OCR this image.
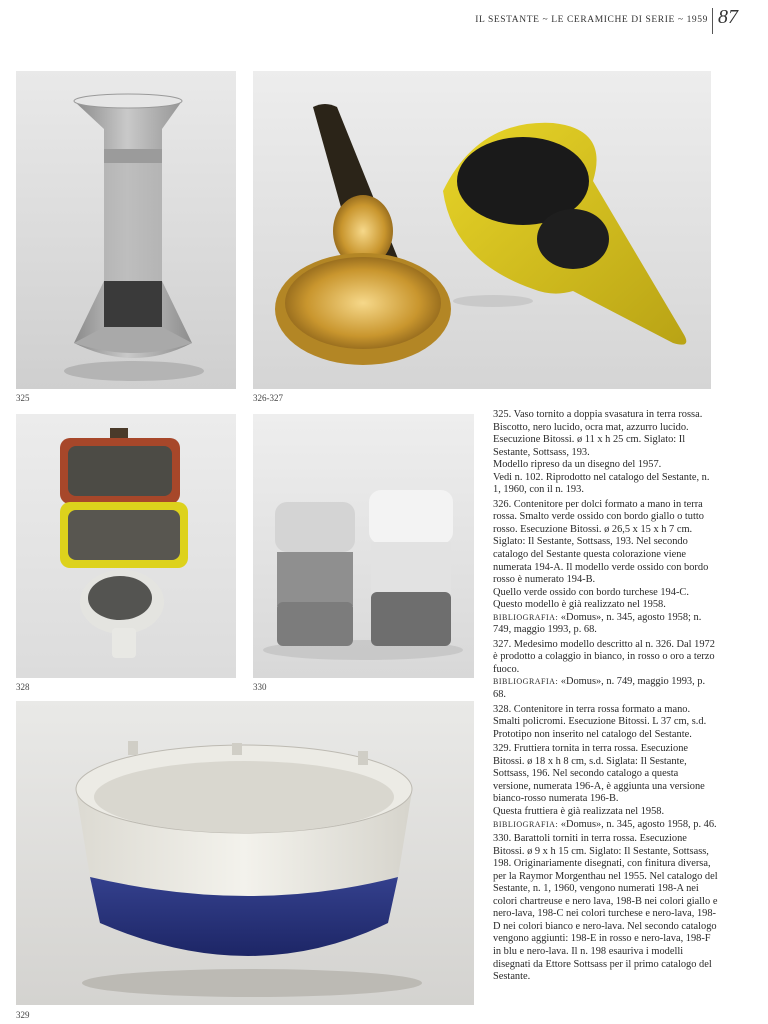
IL SESTANTE ~ LE CERAMICHE DI SERIE ~ 1959 87
325	326-327
328	330
329

325. Vaso tornito a doppia svasatura in terra rossa. Biscotto, nero lucido, ocra mat, azzurro lucido. Esecuzione Bitossi. ø 11 x h 25 cm. Siglato: Il Sestante, Sottsass, 193.

Modello ripreso da un disegno del 1957.

Vedi n. 102. Riprodotto nel catalogo del Sestante, n. 1, 1960, con il n. 193.

326. Contenitore per dolci formato a mano in terra rossa. Smalto verde ossido con bordo giallo o tutto rosso. Esecuzione Bitossi. ø 26,5 x 15 x h 7 cm. Siglato: Il Sestante, Sottsass, 193. Nel secondo catalogo del Sestante questa colorazione viene numerata 194-A. Il modello verde ossido con bordo rosso è numerato 194-B.

Quello verde ossido con bordo turchese 194-C.

Questo modello è già realizzato nel 1958.

BIBLIOGRAFIA: «Domus», n. 345, agosto 1958; n. 749, maggio 1993, p. 68.

327. Medesimo modello descritto al n. 326. Dal 1972 è prodotto a colaggio in bianco, in rosso o oro a terzo fuoco.

BIBLIOGRAFIA: «Domus», n. 749, maggio 1993, p. 68.

328. Contenitore in terra rossa formato a mano. Smalti policromi. Esecuzione Bitossi. L 37 cm, s.d. Prototipo non inserito nel catalogo del Sestante.

329. Fruttiera tornita in terra rossa. Esecuzione Bitossi. ø 18 x h 8 cm, s.d. Siglata: Il Sestante, Sottsass, 196. Nel secondo catalogo a questa versione, numerata 196-A, è aggiunta una versione bianco-rosso numerata 196-B.

Questa fruttiera è già realizzata nel 1958.

BIBLIOGRAFIA: «Domus», n. 345, agosto 1958, p. 46.

330. Barattoli torniti in terra rossa. Esecuzione Bitossi. ø 9 x h 15 cm. Siglato: Il Sestante, Sottsass, 198. Originariamente disegnati, con finitura diversa, per la Raymor Morgenthau nel 1955. Nel catalogo del Sestante, n. 1, 1960, vengono numerati 198-A nei colori chartreuse e nero lava, 198-B nei colori giallo e nero-lava, 198-C nei colori turchese e nero-lava, 198-D nei colori bianco e nero-lava. Nel secondo catalogo vengono aggiunti: 198-E in rosso e nero-lava, 198-F in blu e nero-lava. Il n. 198 esauriva i modelli disegnati da Ettore Sottsass per il primo catalogo del Sestante.
